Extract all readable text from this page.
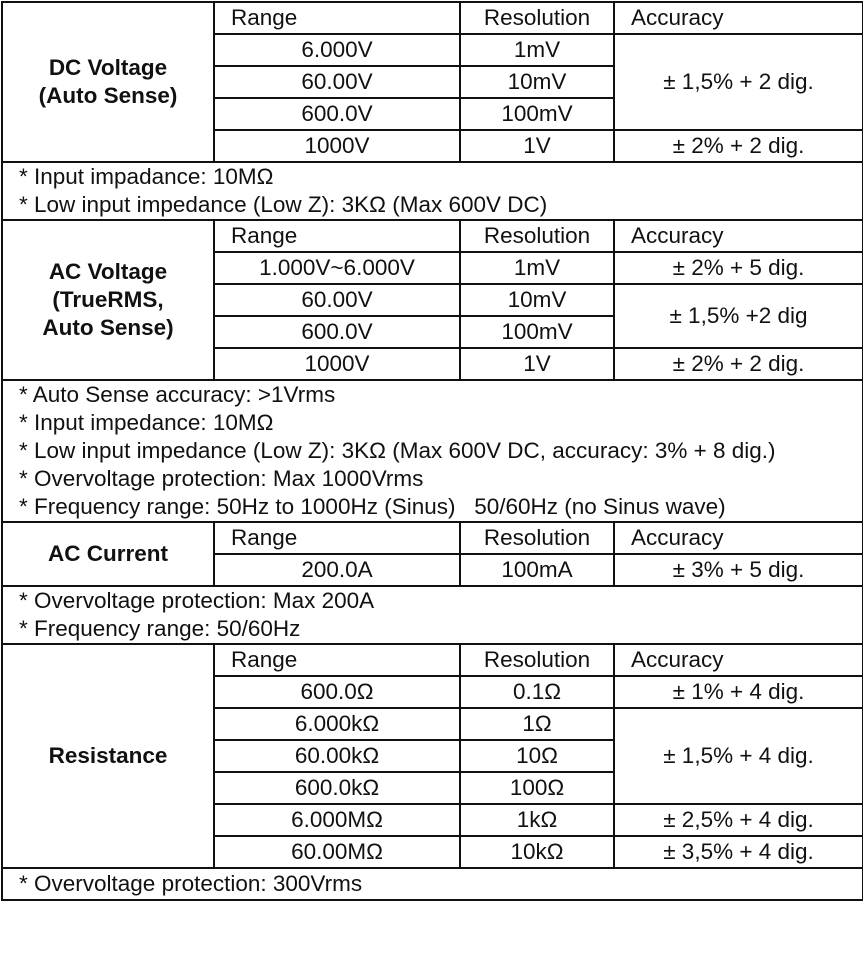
DC Voltage
(Auto Sense)	Range	Resolution	Accuracy
	6.000V	1mV	± 1,5% + 2 dig.
	60.00V	10mV	
	600.0V	100mV	
	1000V	1V	± 2% + 2 dig.

* Input impadance: 10MΩ
* Low input impedance (Low Z): 3KΩ (Max 600V DC)			

AC Voltage
(TrueRMS,
Auto Sense)	Range	Resolution	Accuracy
	1.000V~6.000V	1mV	± 2% + 5 dig.
	60.00V	10mV	± 1,5% +2 dig
	600.0V	100mV	
	1000V	1V	± 2% + 2 dig.

* Auto Sense accuracy: >1Vrms
* Input impedance: 10MΩ
* Low input impedance (Low Z): 3KΩ (Max 600V DC, accuracy: 3% + 8 dig.)
* Overvoltage protection: Max 1000Vrms
* Frequency range: 50Hz to 1000Hz (Sinus)   50/60Hz (no Sinus wave)			

AC Current	Range	Resolution	Accuracy
	200.0A	100mA	± 3% + 5 dig.

* Overvoltage protection: Max 200A
* Frequency range: 50/60Hz			

Resistance	Range	Resolution	Accuracy
	600.0Ω	0.1Ω	± 1% + 4 dig.
	6.000kΩ	1Ω	± 1,5% + 4 dig.
	60.00kΩ	10Ω	
	600.0kΩ	100Ω	
	6.000MΩ	1kΩ	± 2,5% + 4 dig.
	60.00MΩ	10kΩ	± 3,5% + 4 dig.

* Overvoltage protection: 300Vrms			
